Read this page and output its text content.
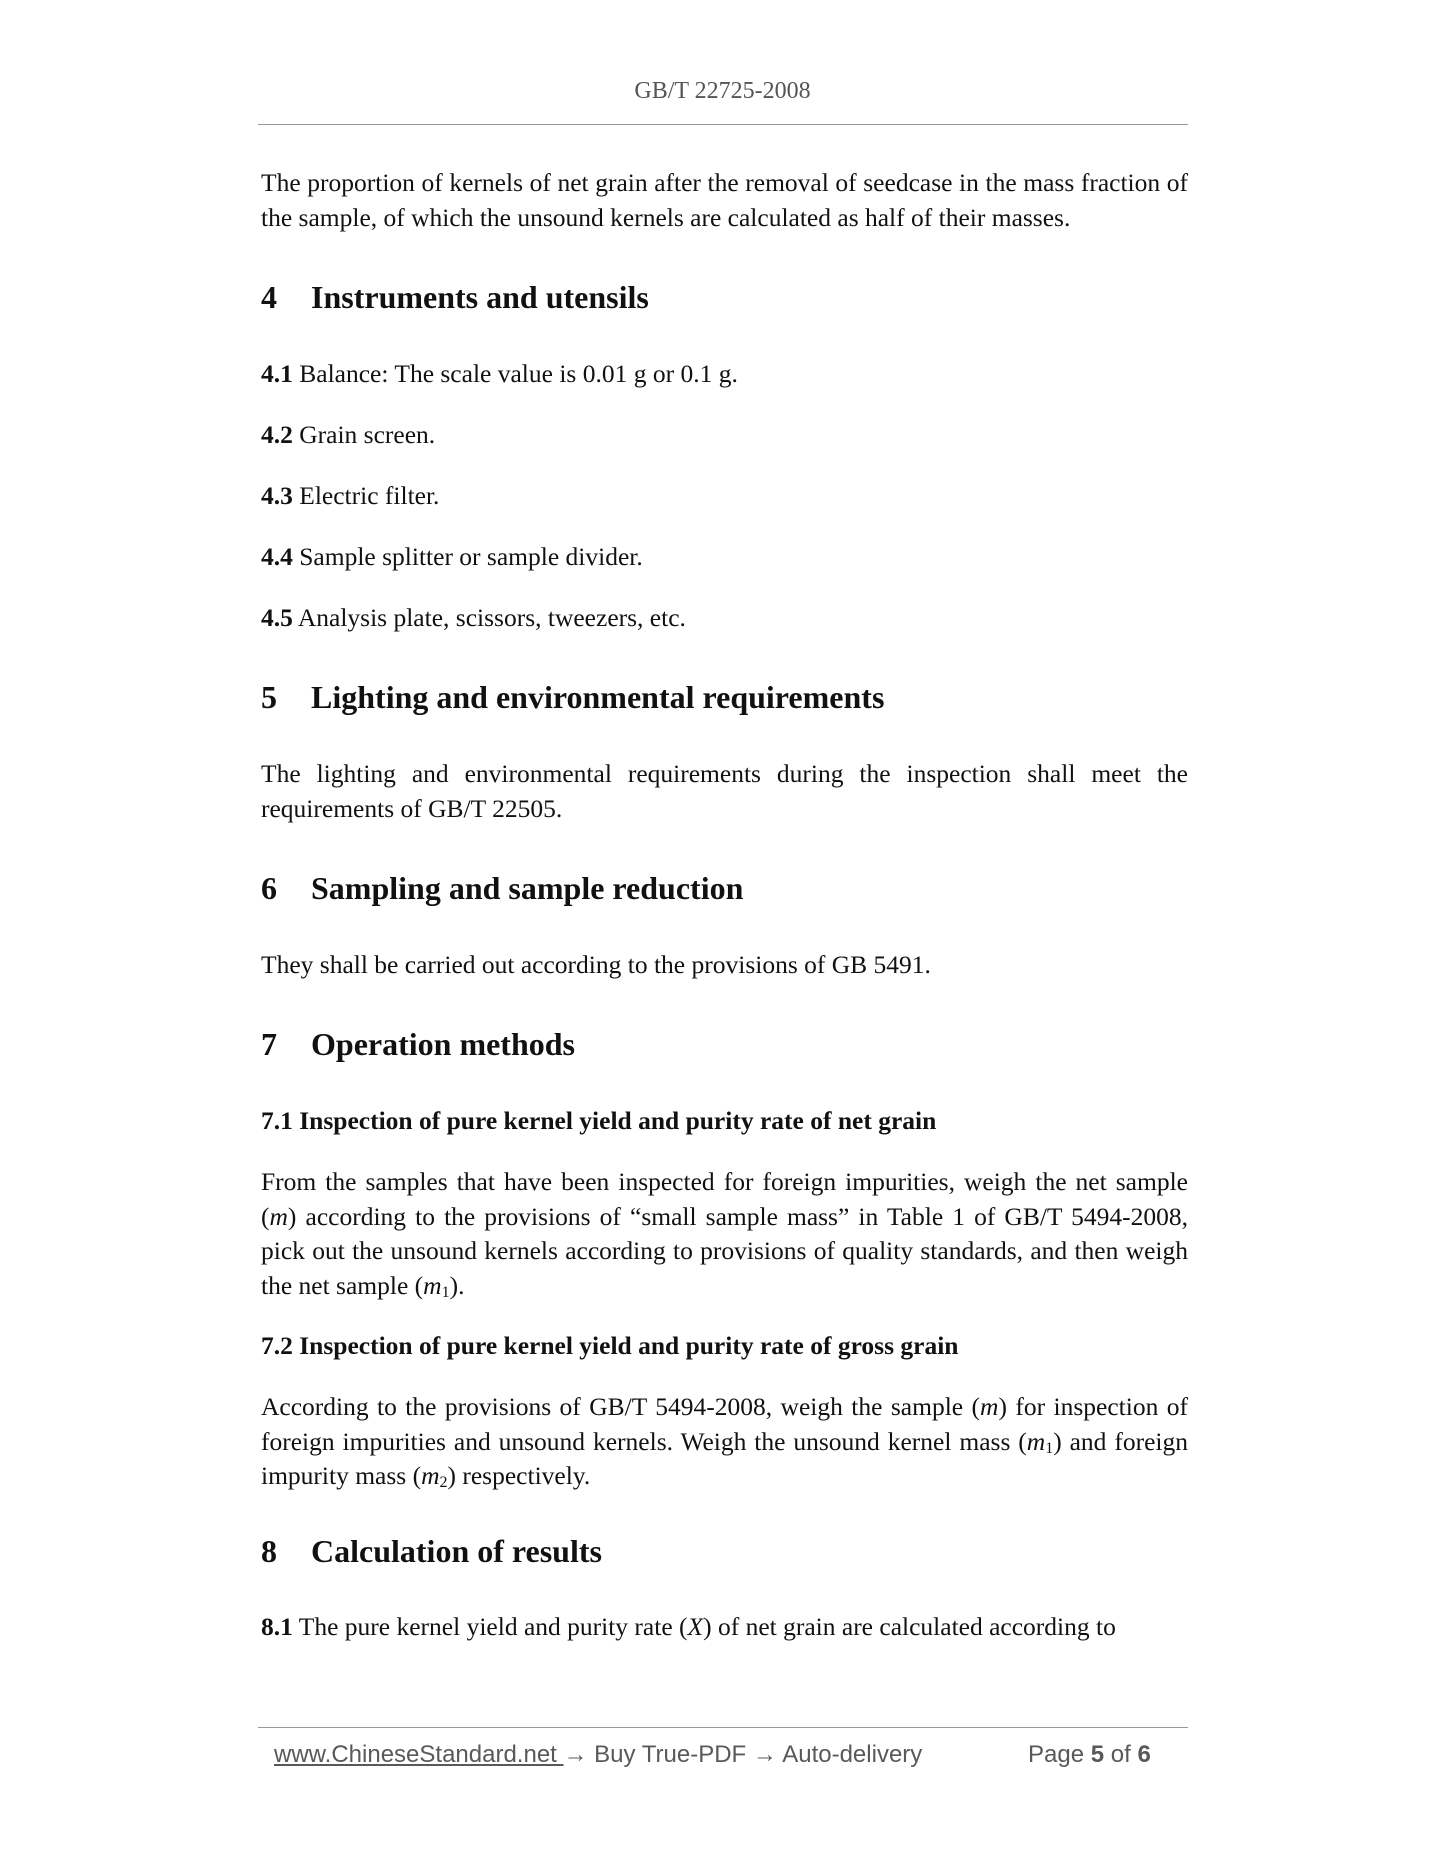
GB/T 22725-2008

The proportion of kernels of net grain after the removal of seedcase in the mass fraction of the sample, of which the unsound kernels are calculated as half of their masses.

4 Instruments and utensils

4.1 Balance: The scale value is 0.01 g or 0.1 g.

4.2 Grain screen.

4.3 Electric filter.

4.4 Sample splitter or sample divider.

4.5 Analysis plate, scissors, tweezers, etc.

5 Lighting and environmental requirements

The lighting and environmental requirements during the inspection shall meet the requirements of GB/T 22505.

6 Sampling and sample reduction

They shall be carried out according to the provisions of GB 5491.

7 Operation methods
7.1 Inspection of pure kernel yield and purity rate of net grain

From the samples that have been inspected for foreign impurities, weigh the net sample (m) according to the provisions of “small sample mass” in Table 1 of GB/T 5494-2008, pick out the unsound kernels according to provisions of quality standards, and then weigh the net sample $(m_1)$.

7.2 Inspection of pure kernel yield and purity rate of gross grain

According to the provisions of GB/T 5494-2008, weigh the sample (m) for inspection of foreign impurities and unsound kernels. Weigh the unsound kernel mass $(m_1)$ and foreign impurity mass $(m_2)$ respectively.

8 Calculation of results

8.1 The pure kernel yield and purity rate (X) of net grain are calculated according to

www.ChineseStandard.net → Buy True-PDF → Auto-delivery	Page 5 of 6
